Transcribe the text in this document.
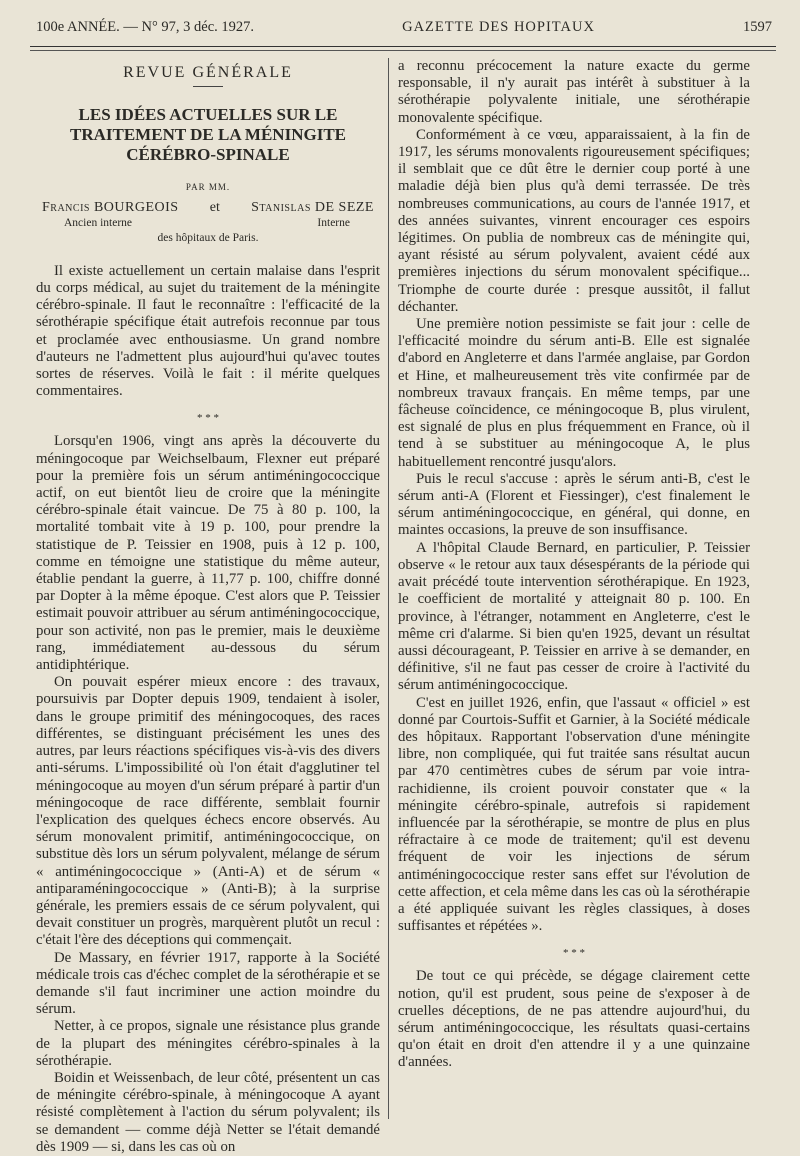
100e ANNÉE. — N° 97, 3 déc. 1927.	GAZETTE DES HOPITAUX	1597

REVUE GÉNÉRALE

LES IDÉES ACTUELLES SUR LE TRAITEMENT DE LA MÉNINGITE CÉRÉBRO-SPINALE

PAR MM.

Francis BOURGEOIS et Stanislas DE SEZE
Ancien interne	Interne

des hôpitaux de Paris.

Il existe actuellement un certain malaise dans l'esprit du corps médical, au sujet du traitement de la méningite cérébro-spinale. Il faut le reconnaître : l'efficacité de la sérothérapie spécifique était autrefois reconnue par tous et proclamée avec enthousiasme. Un grand nombre d'auteurs ne l'admettent plus aujourd'hui qu'avec toutes sortes de réserves. Voilà le fait : il mérite quelques commentaires.

* * *

Lorsqu'en 1906, vingt ans après la découverte du méningocoque par Weichselbaum, Flexner eut préparé pour la première fois un sérum antiméningococcique actif, on eut bientôt lieu de croire que la méningite cérébro-spinale était vaincue. De 75 à 80 p. 100, la mortalité tombait vite à 19 p. 100, pour prendre la statistique de P. Teissier en 1908, puis à 12 p. 100, comme en témoigne une statistique du même auteur, établie pendant la guerre, à 11,77 p. 100, chiffre donné par Dopter à la même époque. C'est alors que P. Teissier estimait pouvoir attribuer au sérum antiméningococcique, pour son activité, non pas le premier, mais le deuxième rang, immédiatement au-dessous du sérum antidiphtérique.

On pouvait espérer mieux encore : des travaux, poursuivis par Dopter depuis 1909, tendaient à isoler, dans le groupe primitif des méningocoques, des races différentes, se distinguant précisément les unes des autres, par leurs réactions spécifiques vis-à-vis des divers anti-sérums. L'impossibilité où l'on était d'agglutiner tel méningocoque au moyen d'un sérum préparé à partir d'un méningocoque de race différente, semblait fournir l'explication des quelques échecs encore observés. Au sérum monovalent primitif, antiméningococcique, on substitue dès lors un sérum polyvalent, mélange de sérum « antiméningococcique » (Anti-A) et de sérum « antiparaméningococcique » (Anti-B); à la surprise générale, les premiers essais de ce sérum polyvalent, qui devait constituer un progrès, marquèrent plutôt un recul : c'était l'ère des déceptions qui commençait.

De Massary, en février 1917, rapporte à la Société médicale trois cas d'échec complet de la sérothérapie et se demande s'il faut incriminer une action moindre du sérum.

Netter, à ce propos, signale une résistance plus grande de la plupart des méningites cérébro-spinales à la sérothérapie.

Boidin et Weissenbach, de leur côté, présentent un cas de méningite cérébro-spinale, à méningocoque A ayant résisté complètement à l'action du sérum polyvalent; ils se demandent — comme déjà Netter se l'était demandé dès 1909 — si, dans les cas où on

a reconnu précocement la nature exacte du germe responsable, il n'y aurait pas intérêt à substituer à la sérothérapie polyvalente initiale, une sérothérapie monovalente spécifique.

Conformément à ce vœu, apparaissaient, à la fin de 1917, les sérums monovalents rigoureusement spécifiques; il semblait que ce dût être le dernier coup porté à une maladie déjà bien plus qu'à demi terrassée. De très nombreuses communications, au cours de l'année 1917, et des années suivantes, vinrent encourager ces espoirs légitimes. On publia de nombreux cas de méningite qui, ayant résisté au sérum polyvalent, avaient cédé aux premières injections du sérum monovalent spécifique... Triomphe de courte durée : presque aussitôt, il fallut déchanter.

Une première notion pessimiste se fait jour : celle de l'efficacité moindre du sérum anti-B. Elle est signalée d'abord en Angleterre et dans l'armée anglaise, par Gordon et Hine, et malheureusement très vite confirmée par de nombreux travaux français. En même temps, par une fâcheuse coïncidence, ce méningocoque B, plus virulent, est signalé de plus en plus fréquemment en France, où il tend à se substituer au méningocoque A, le plus habituellement rencontré jusqu'alors.

Puis le recul s'accuse : après le sérum anti-B, c'est le sérum anti-A (Florent et Fiessinger), c'est finalement le sérum antiméningococcique, en général, qui donne, en maintes occasions, la preuve de son insuffisance.

A l'hôpital Claude Bernard, en particulier, P. Teissier observe « le retour aux taux désespérants de la période qui avait précédé toute intervention sérothérapique. En 1923, le coefficient de mortalité y atteignait 80 p. 100. En province, à l'étranger, notamment en Angleterre, c'est le même cri d'alarme. Si bien qu'en 1925, devant un résultat aussi décourageant, P. Teissier en arrive à se demander, en définitive, s'il ne faut pas cesser de croire à l'activité du sérum antiméningococcique.

C'est en juillet 1926, enfin, que l'assaut « officiel » est donné par Courtois-Suffit et Garnier, à la Société médicale des hôpitaux. Rapportant l'observation d'une méningite libre, non compliquée, qui fut traitée sans résultat aucun par 470 centimètres cubes de sérum par voie intra-rachidienne, ils croient pouvoir constater que « la méningite cérébro-spinale, autrefois si rapidement influencée par la sérothérapie, se montre de plus en plus réfractaire à ce mode de traitement; qu'il est devenu fréquent de voir les injections de sérum antiméningococcique rester sans effet sur l'évolution de cette affection, et cela même dans les cas où la sérothérapie a été appliquée suivant les règles classiques, à doses suffisantes et répétées ».

* * *

De tout ce qui précède, se dégage clairement cette notion, qu'il est prudent, sous peine de s'exposer à de cruelles déceptions, de ne pas attendre aujourd'hui, du sérum antiméningococcique, les résultats quasi-certains qu'on était en droit d'en attendre il y a une quinzaine d'années.
